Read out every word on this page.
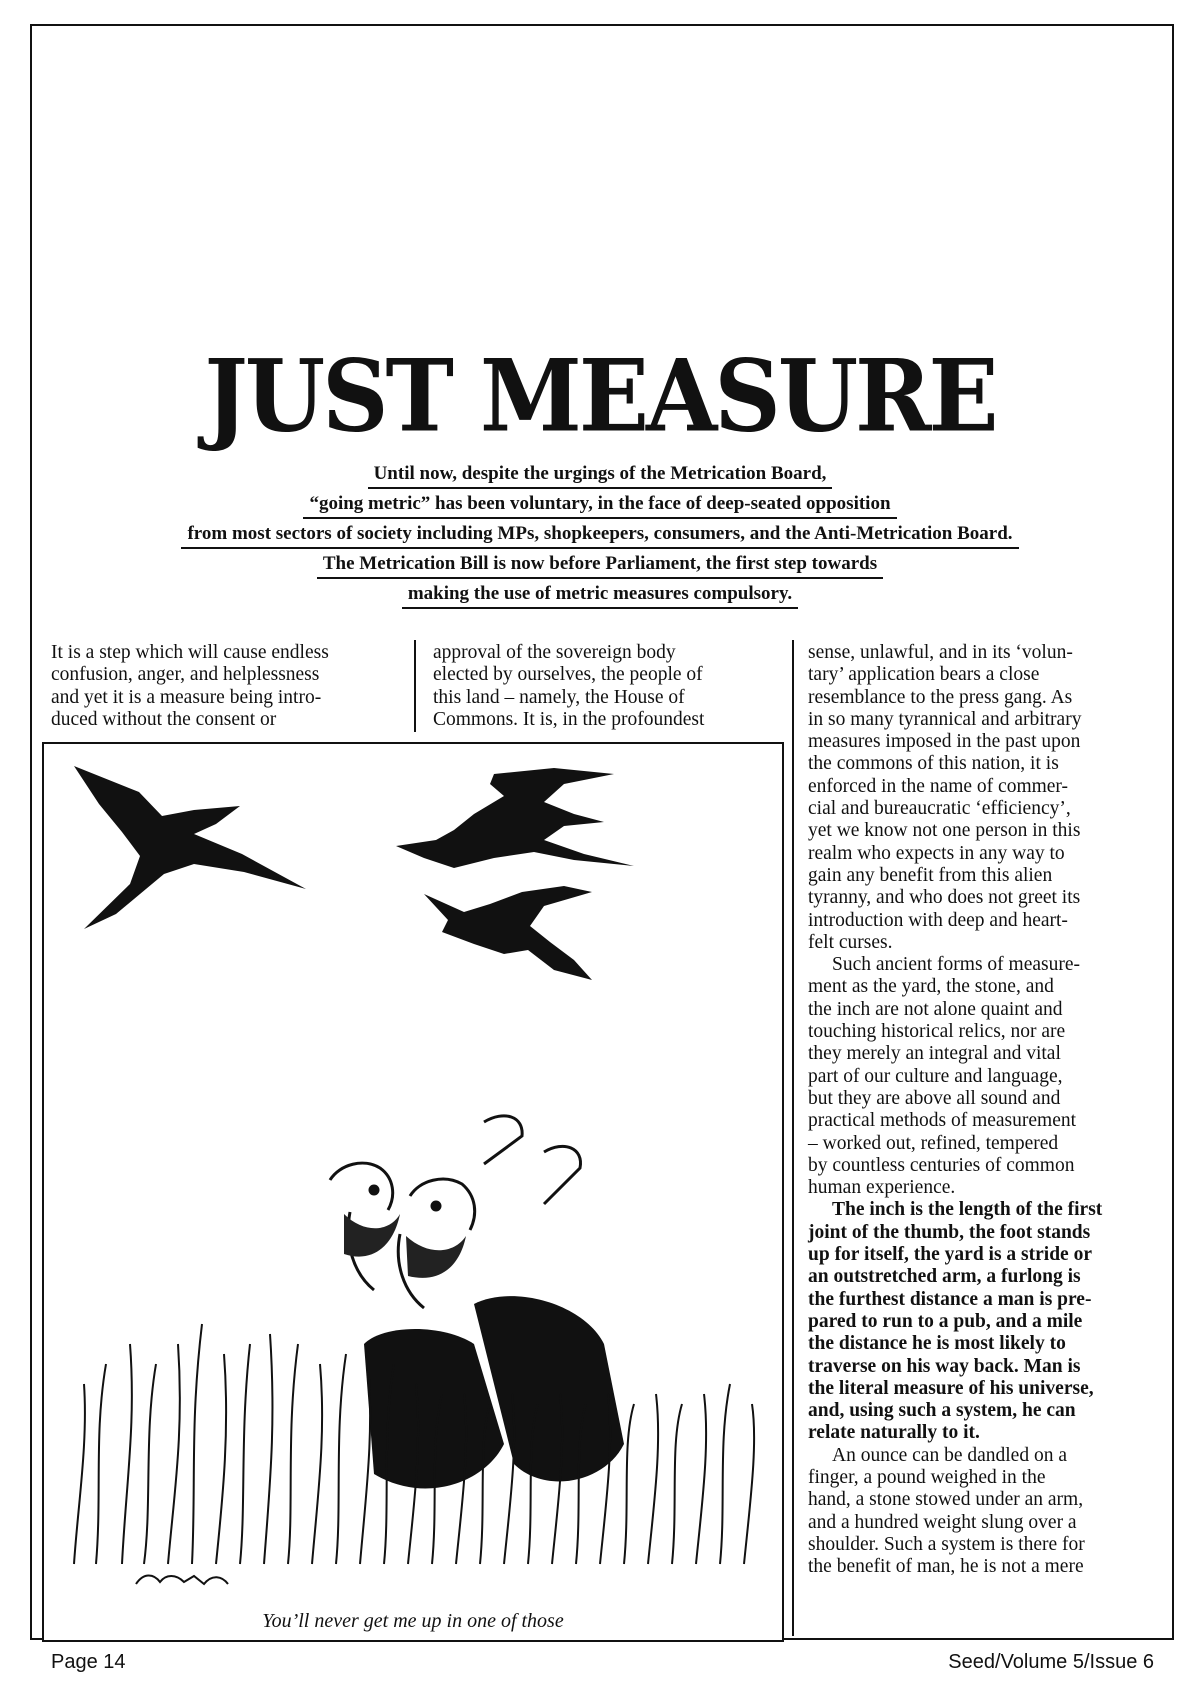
JUST MEASURE
Until now, despite the urgings of the Metrication Board,
“going metric” has been voluntary, in the face of deep-seated opposition
from most sectors of society including MPs, shopkeepers, consumers, and the Anti-Metrication Board.
The Metrication Bill is now before Parliament, the first step towards
making the use of metric measures compulsory.
It is a step which will cause endless
confusion, anger, and helplessness
and yet it is a measure being intro-
duced without the consent or
approval of the sovereign body
elected by ourselves, the people of
this land – namely, the House of
Commons. It is, in the profoundest
sense, unlawful, and in its ‘volun-
tary’ application bears a close
resemblance to the press gang. As
in so many tyrannical and arbitrary
measures imposed in the past upon
the commons of this nation, it is
enforced in the name of commer-
cial and bureaucratic ‘efficiency’,
yet we know not one person in this
realm who expects in any way to
gain any benefit from this alien
tyranny, and who does not greet its
introduction with deep and heart-
felt curses.
Such ancient forms of measure-
ment as the yard, the stone, and
the inch are not alone quaint and
touching historical relics, nor are
they merely an integral and vital
part of our culture and language,
but they are above all sound and
practical methods of measurement
– worked out, refined, tempered
by countless centuries of common
human experience.
The inch is the length of the first
joint of the thumb, the foot stands
up for itself, the yard is a stride or
an outstretched arm, a furlong is
the furthest distance a man is pre-
pared to run to a pub, and a mile
the distance he is most likely to
traverse on his way back. Man is
the literal measure of his universe,
and, using such a system, he can
relate naturally to it.
An ounce can be dandled on a
finger, a pound weighed in the
hand, a stone stowed under an arm,
and a hundred weight slung over a
shoulder. Such a system is there for
the benefit of man, he is not a mere
You’ll never get me up in one of those
Page 14	Seed/Volume 5/Issue 6
